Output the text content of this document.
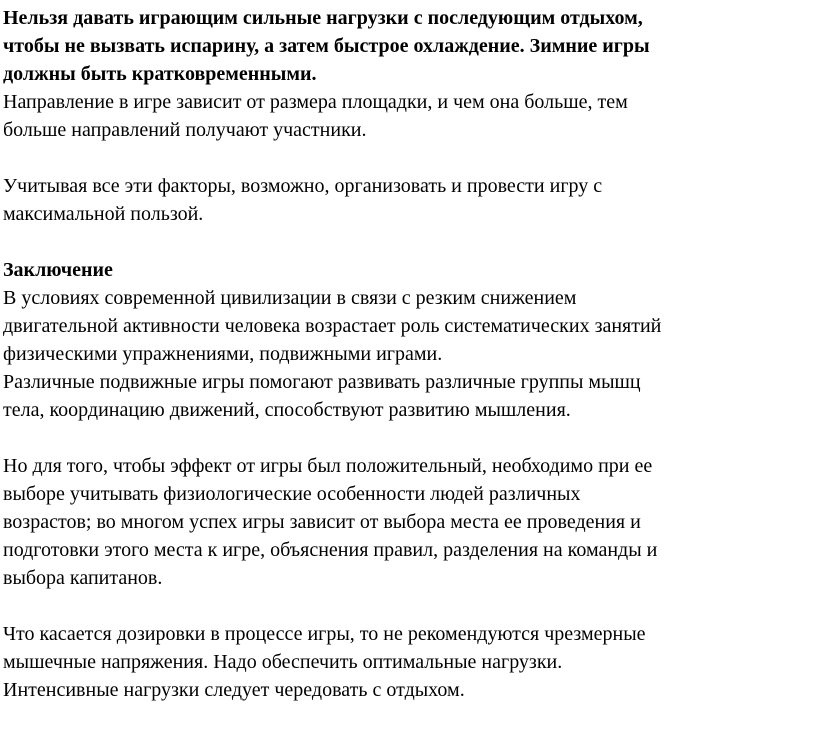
Нельзя давать играющим сильные нагрузки с последующим отдыхом,
чтобы не вызвать испарину, а затем быстрое охлаждение. Зимние игры
должны быть кратковременными.
Направление в игре зависит от размера площадки, и чем она больше, тем
больше направлений получают участники.
Учитывая все эти факторы, возможно, организовать и провести игру с
максимальной пользой.
Заключение
В условиях современной цивилизации в связи с резким снижением
двигательной активности человека возрастает роль систематических занятий
физическими упражнениями, подвижными играми.
Различные подвижные игры помогают развивать различные группы мышц
тела, координацию движений, способствуют развитию мышления.
Но для того, чтобы эффект от игры был положительный, необходимо при ее
выборе учитывать физиологические особенности людей различных
возрастов; во многом успех игры зависит от выбора места ее проведения и
подготовки этого места к игре, объяснения правил, разделения на команды и
выбора капитанов.
Что касается дозировки в процессе игры, то не рекомендуются чрезмерные
мышечные напряжения. Надо обеспечить оптимальные нагрузки.
Интенсивные нагрузки следует чередовать с отдыхом.
